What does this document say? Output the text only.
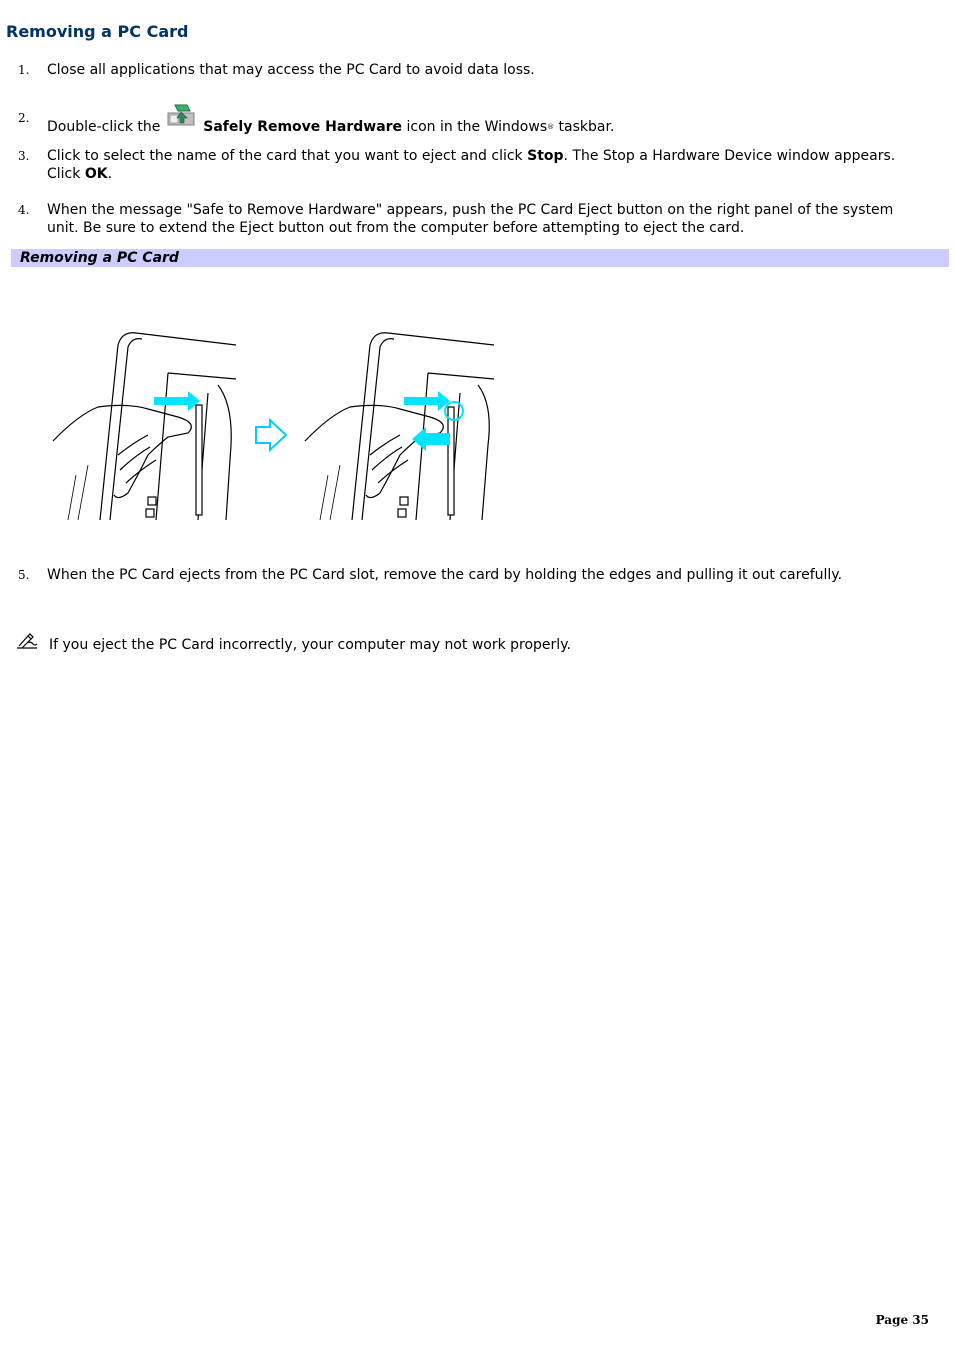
Removing a PC Card
1. Close all applications that may access the PC Card to avoid data loss.
2.
Double-click the	Safely Remove Hardware icon in the Windows® taskbar.
3. Click to select the name of the card that you want to eject and click Stop. The Stop a Hardware Device window appears. Click OK.
4. When the message "Safe to Remove Hardware" appears, push the PC Card Eject button on the right panel of the system unit. Be sure to extend the Eject button out from the computer before attempting to eject the card.
Removing a PC Card
5. When the PC Card ejects from the PC Card slot, remove the card by holding the edges and pulling it out carefully.
If you eject the PC Card incorrectly, your computer may not work properly.
Page 35
